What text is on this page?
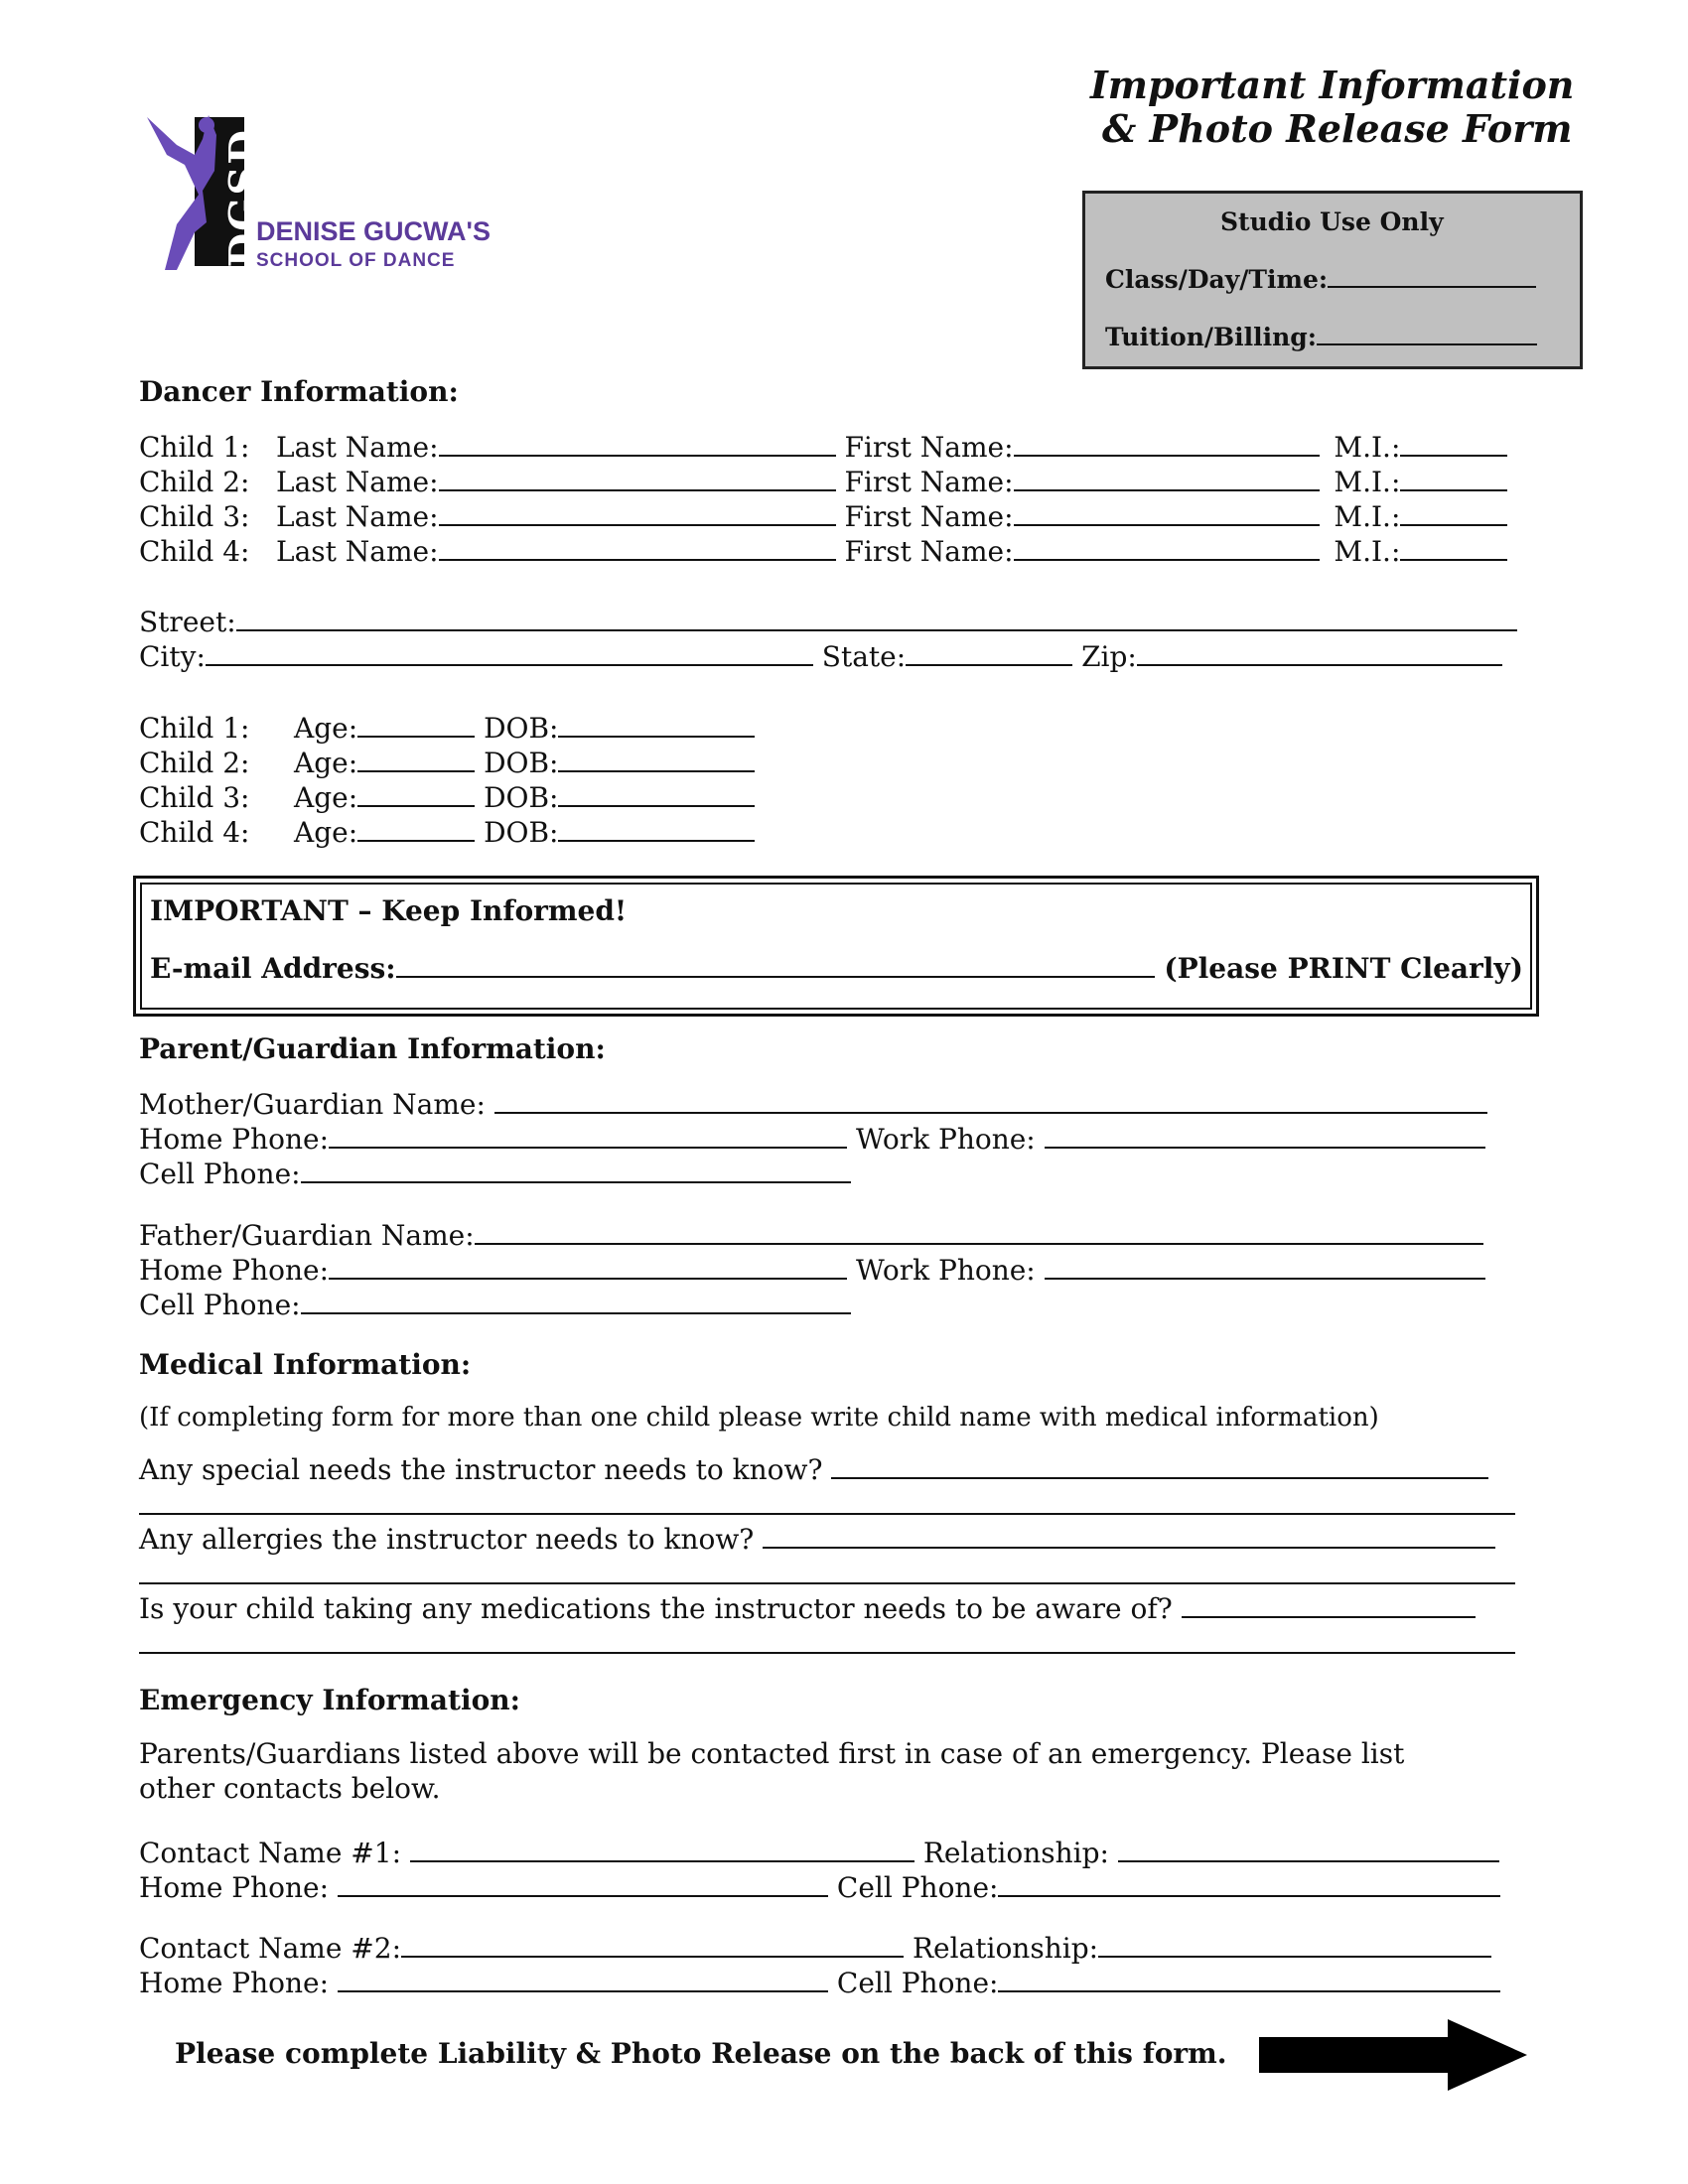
Important Information
& Photo Release Form
DGSD
DENISE GUCWA'S
SCHOOL OF DANCE
Studio Use Only
Class/Day/Time:
Tuition/Billing:
Dancer Information:
Child 1: Last Name:	First Name:	M.I.:
Child 2: Last Name:	First Name:	M.I.:
Child 3: Last Name:	First Name:	M.I.:
Child 4: Last Name:	First Name:	M.I.:
Street:
City:	State:	Zip:
Child 1: Age:	DOB:
Child 2: Age:	DOB:
Child 3: Age:	DOB:
Child 4: Age:	DOB:
IMPORTANT – Keep Informed!
E-mail Address:	(Please PRINT Clearly)
Parent/Guardian Information:
Mother/Guardian Name:
Home Phone:	Work Phone:
Cell Phone:
Father/Guardian Name:
Home Phone:	Work Phone:
Cell Phone:
Medical Information:
(If completing form for more than one child please write child name with medical information)
Any special needs the instructor needs to know?
Any allergies the instructor needs to know?
Is your child taking any medications the instructor needs to be aware of?
Emergency Information:
Parents/Guardians listed above will be contacted first in case of an emergency. Please list
other contacts below.
Contact Name #1:	Relationship:
Home Phone:	Cell Phone:
Contact Name #2:	Relationship:
Home Phone:	Cell Phone:
Please complete Liability & Photo Release on the back of this form.
